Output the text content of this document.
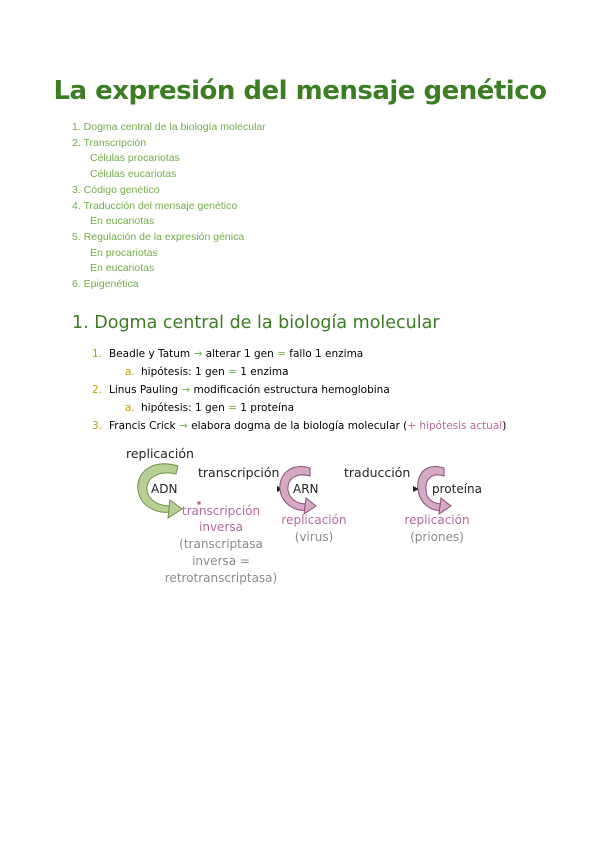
La expresión del mensaje genético
1. Dogma central de la biología molecular
2. Transcripción
Células procariotas
Células eucariotas
3. Código genético
4. Traducción del mensaje genético
En eucariotas
5. Regulación de la expresión génica
En procariotas
En eucariotas
6. Epigenética
1. Dogma central de la biología molecular
1. Beadle y Tatum → alterar 1 gen = fallo 1 enzima
a. hipótesis: 1 gen = 1 enzima
2. Linus Pauling → modificación estructura hemoglobina
a. hipótesis: 1 gen = 1 proteína
3. Francis Crick → elabora dogma de la biología molecular (+ hipótesis actual)
replicación
ADN
transcripción
ARN
traducción
proteína
transcripción
inversa
(transcriptasa
inversa =
retrotranscriptasa)
replicación
(virus)
replicación
(priones)
